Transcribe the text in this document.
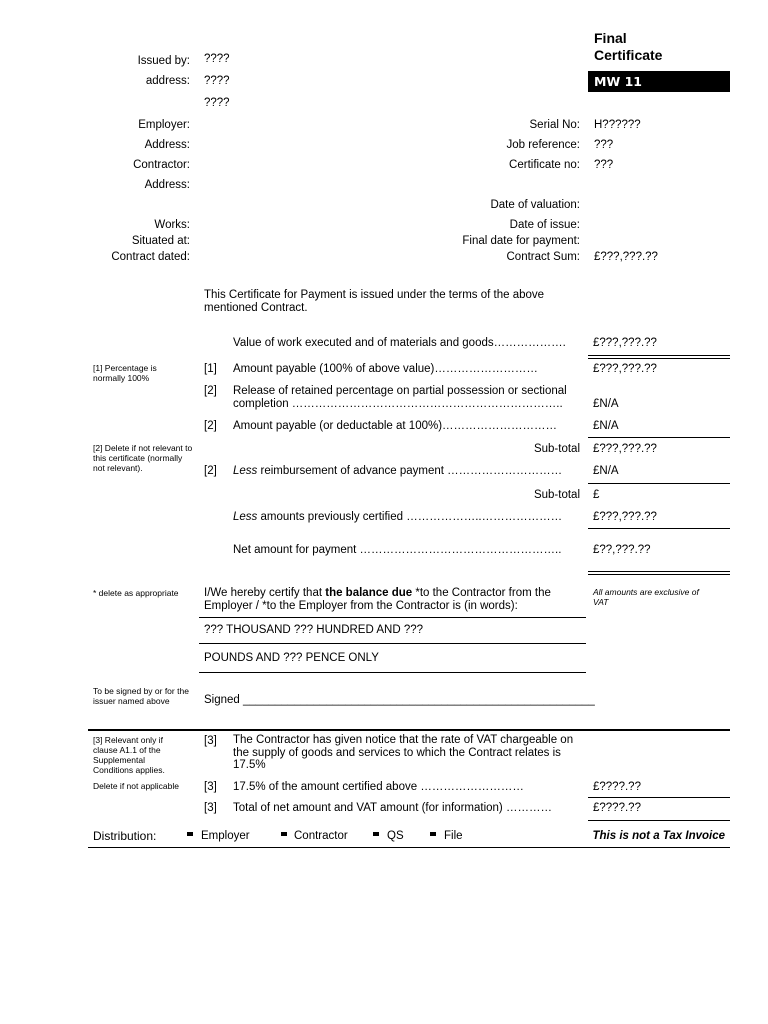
Final
Certificate
MW 11
Issued by: ????
address: ????
????
Employer:
Address:
Contractor:
Address:
Works:
Situated at:
Contract dated:
Serial No: H??????
Job reference: ???
Certificate no: ???
Date of valuation:
Date of issue:
Final date for payment:
Contract Sum: £???,???.??
This Certificate for Payment is issued under the terms of the above mentioned Contract.
Value of work executed and of materials and goods………………. £???,???.??
[1] Percentage is normally 100%
[1] Amount payable (100% of above value)………………………	£???,???.??
[2] Release of retained percentage on partial possession or sectional
completion ……………………………………………………………..	£N/A
[2] Amount payable (or deductable at 100%)…………………………	£N/A
[2] Delete if not relevant to this certificate (normally not relevant).
Sub-total £???,???.??
[2] Less reimbursement of advance payment …………………………	£N/A
Sub-total £
Less amounts previously certified ………………..…………………	£???,???.??
Net amount for payment ……………………………………………..	£??,???.??
* delete as appropriate	I/We hereby certify that the balance due *to the Contractor from the Employer / *to the Employer from the Contractor is (in words):
All amounts are exclusive of VAT
??? THOUSAND ??? HUNDRED AND ???
POUNDS AND ??? PENCE ONLY
To be signed by or for the issuer named above	Signed _______________________________________________________
[3] Relevant only if clause A1.1 of the Supplemental Conditions applies.
[3] The Contractor has given notice that the rate of VAT chargeable on the supply of goods and services to which the Contract relates is 17.5%
Delete if not applicable	[3] 17.5% of the amount certified above ………………………	£????.??
[3] Total of net amount and VAT amount (for information) …………	£????.??
Distribution:	Employer	Contractor	QS	File	This is not a Tax Invoice
